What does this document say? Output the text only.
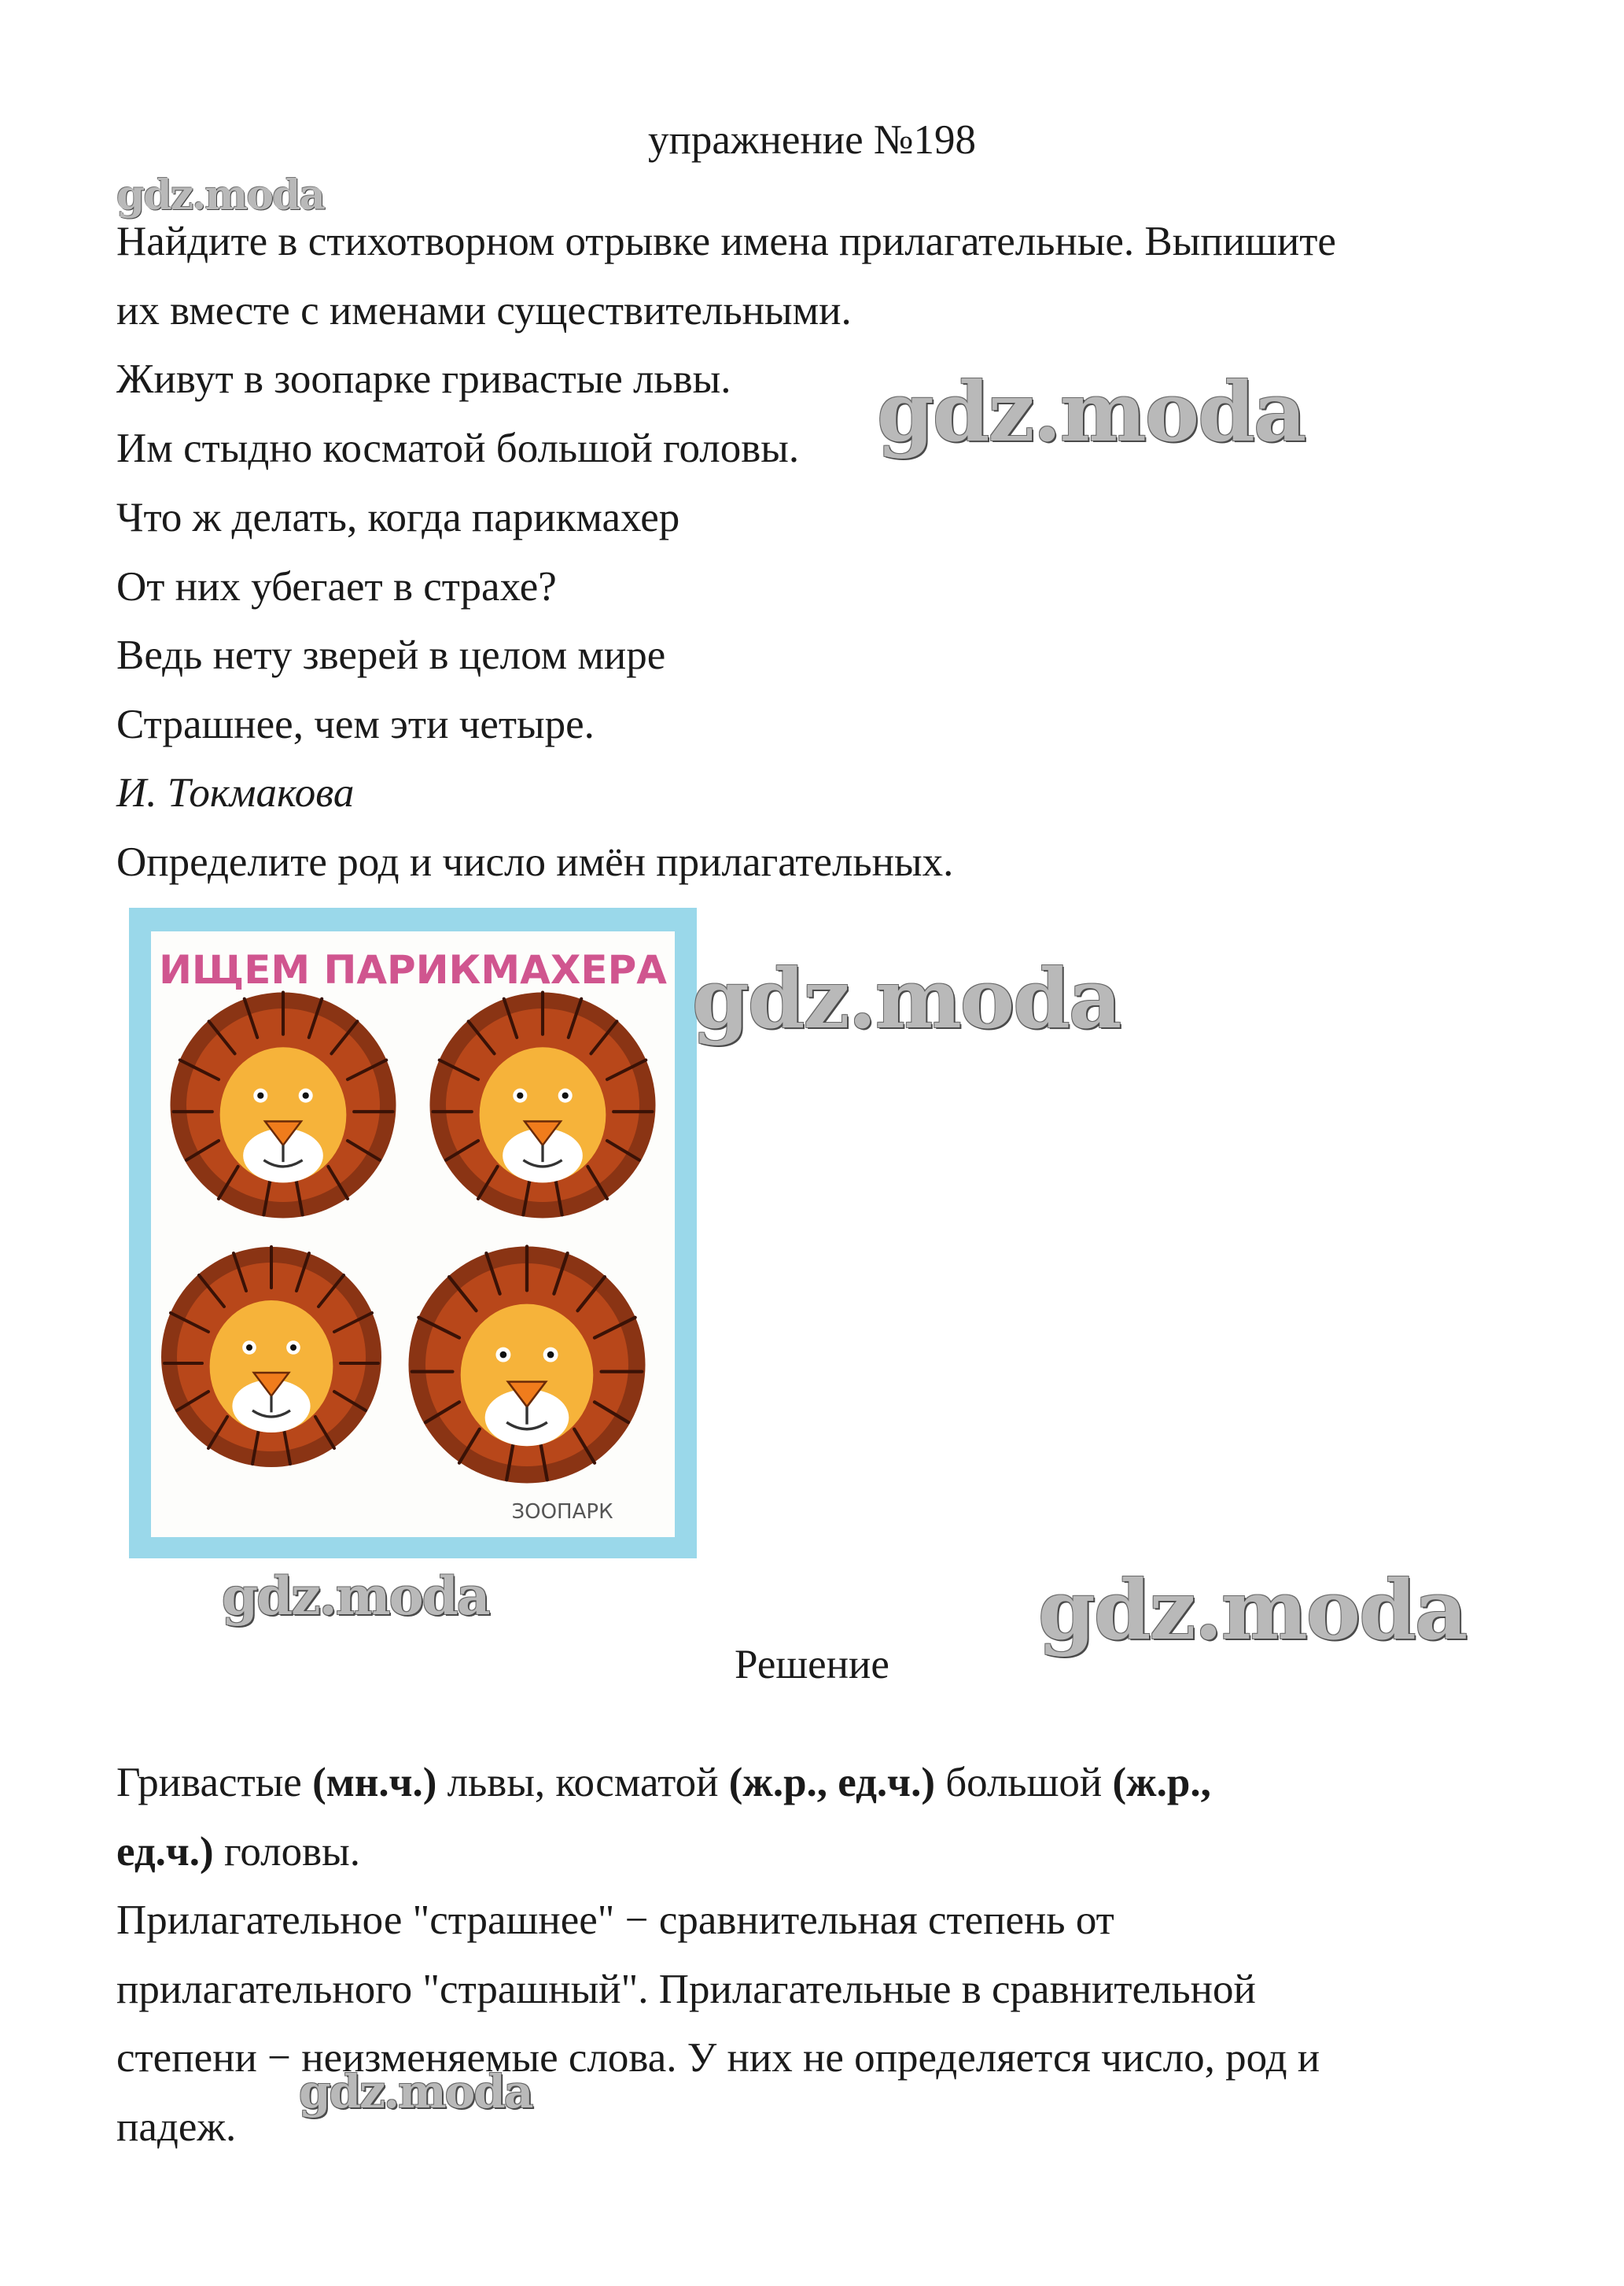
упражнение №198
gdz.moda
Найдите в стихотворном отрывке имена прилагательные. Выпишите
их вместе с именами существительными.
Живут в зоопарке гривастые львы.
Им стыдно косматой большой головы.
Что ж делать, когда парикмахер
От них убегает в страхе?
Ведь нету зверей в целом мире
Страшнее, чем эти четыре.
И. Токмакова
Определите род и число имён прилагательных.
gdz.moda
ИЩЕМ ПАРИКМАХЕРА
ЗООПАРК
gdz.moda
gdz.moda	gdz.moda
Решение
Гривастые (мн.ч.) львы, косматой (ж.р., ед.ч.) большой (ж.р.,
ед.ч.) головы.
Прилагательное "страшнее" − сравнительная степень от
прилагательного "страшный". Прилагательные в сравнительной
степени − неизменяемые слова. У них не определяется число, род и
падеж.
gdz.moda
